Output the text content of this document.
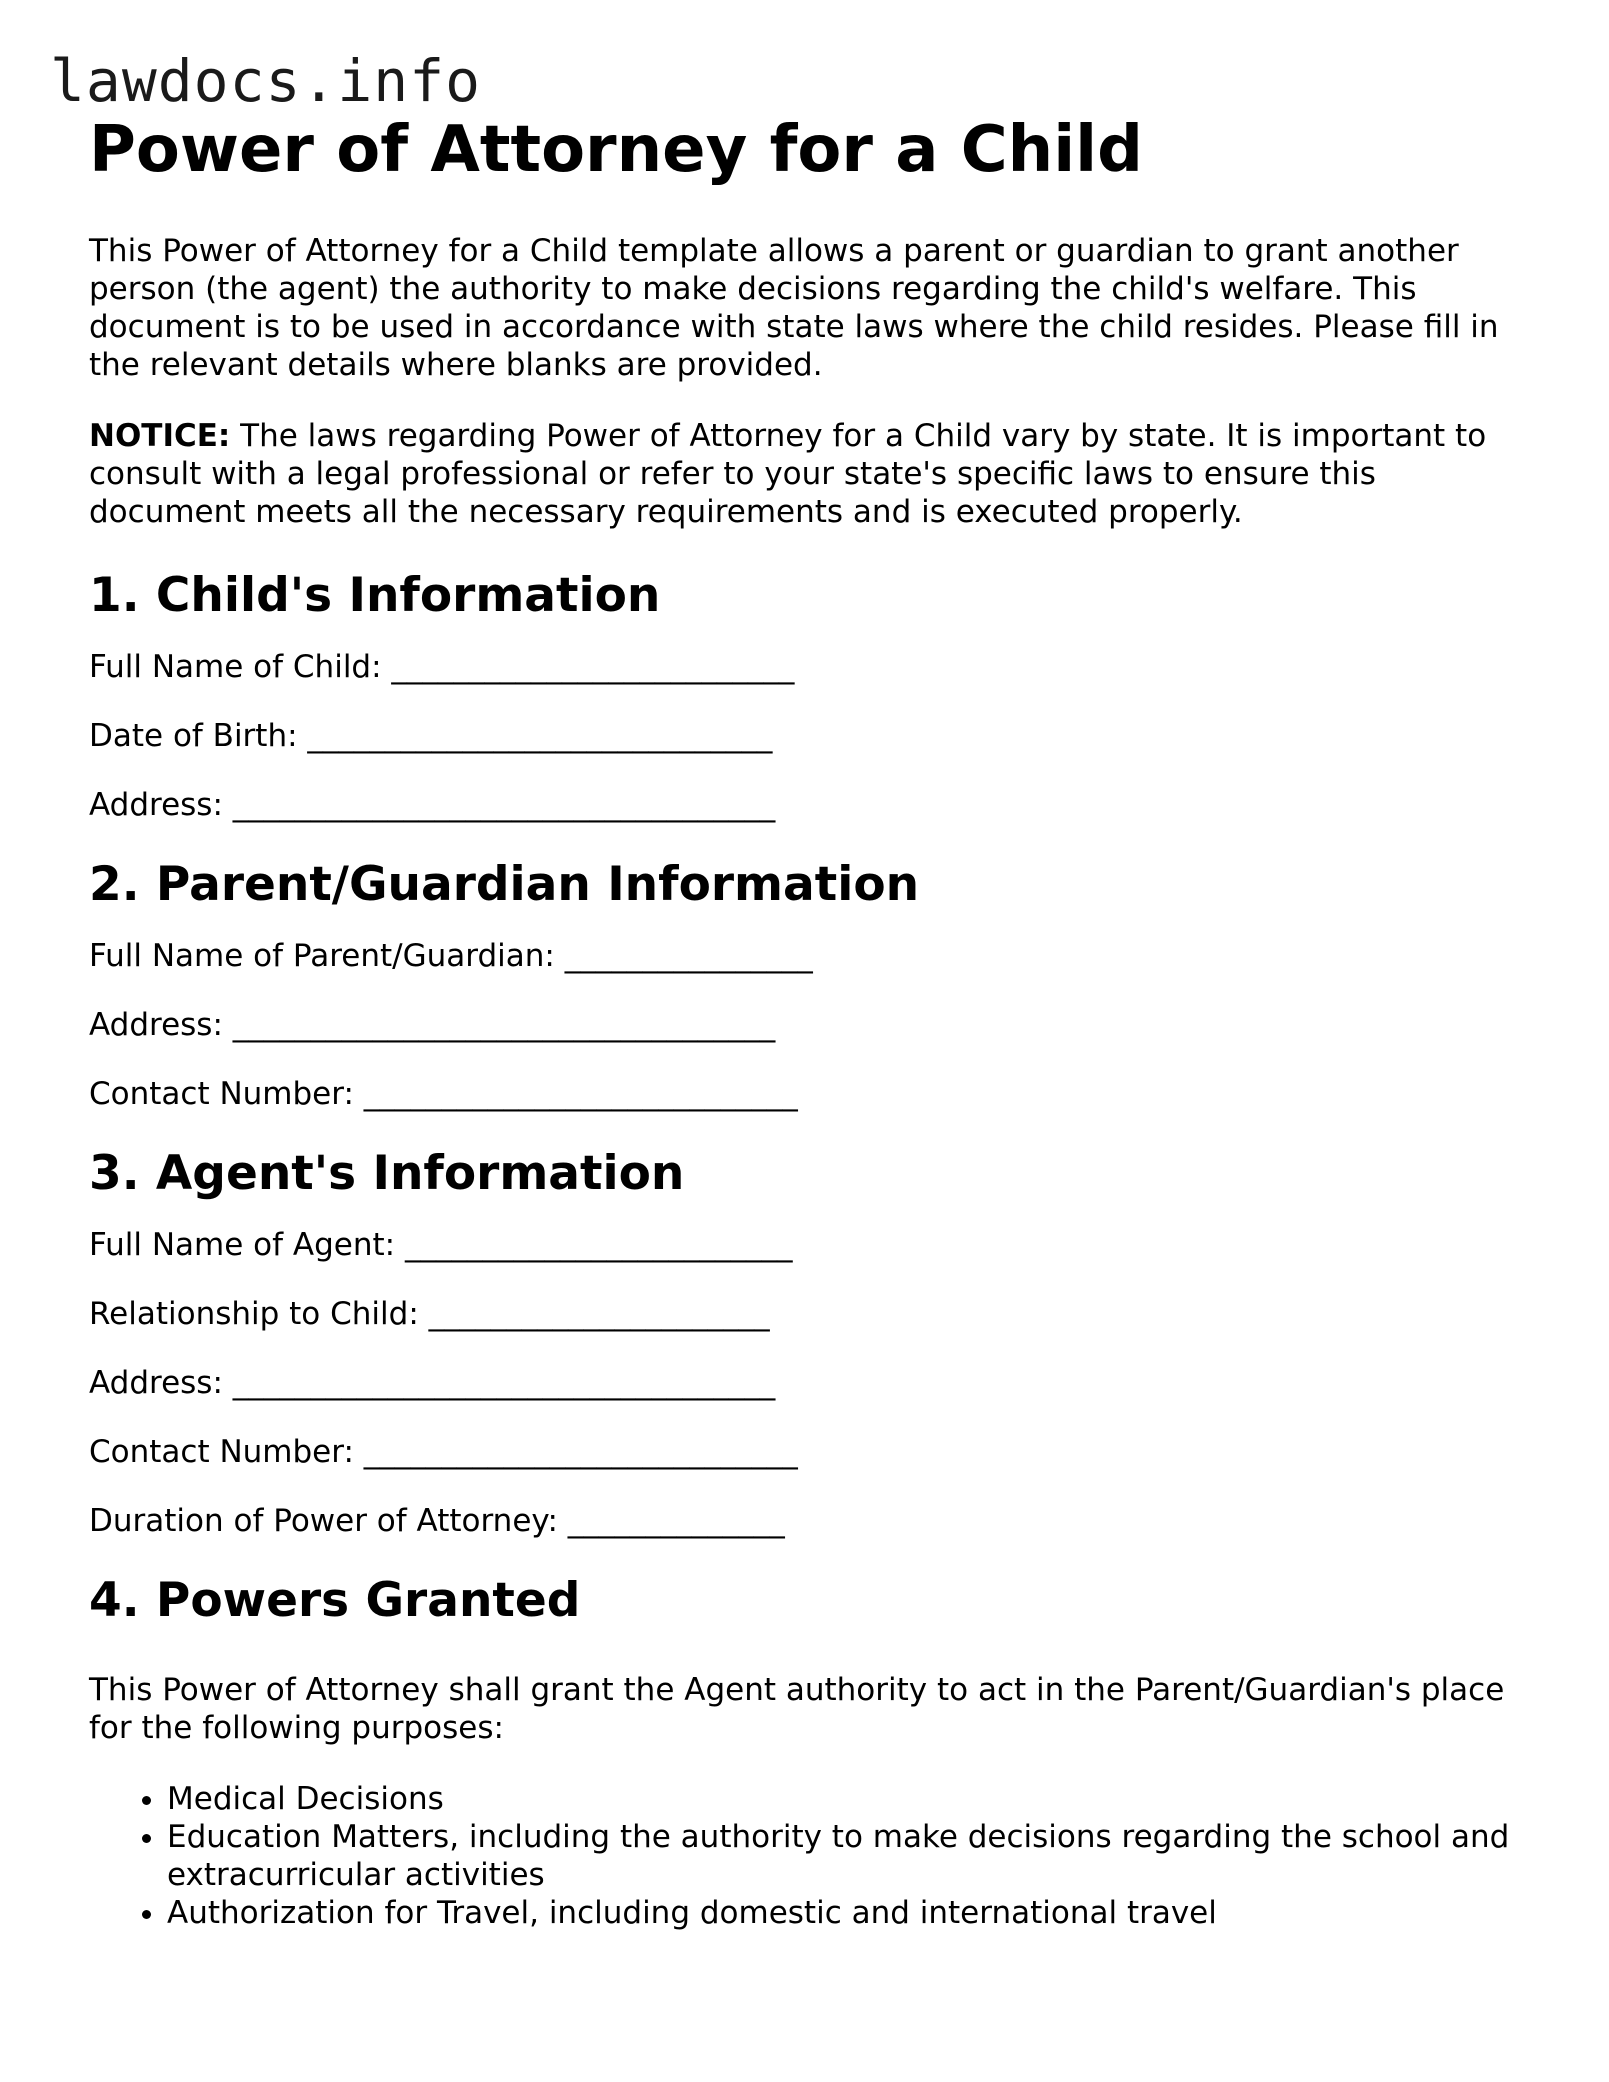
lawdocs.info
Power of Attorney for a Child

This Power of Attorney for a Child template allows a parent or guardian to grant another person (the agent) the authority to make decisions regarding the child's welfare. This document is to be used in accordance with state laws where the child resides. Please fill in the relevant details where blanks are provided.

NOTICE: The laws regarding Power of Attorney for a Child vary by state. It is important to consult with a legal professional or refer to your state's specific laws to ensure this document meets all the necessary requirements and is executed properly.

1. Child's Information
Full Name of Child: __________________________
Date of Birth: ______________________________
Address: ___________________________________
2. Parent/Guardian Information
Full Name of Parent/Guardian: ________________
Address: ___________________________________
Contact Number: ____________________________
3. Agent's Information
Full Name of Agent: _________________________
Relationship to Child: ______________________
Address: ___________________________________
Contact Number: ____________________________
Duration of Power of Attorney: ______________
4. Powers Granted

This Power of Attorney shall grant the Agent authority to act in the Parent/Guardian's place for the following purposes:

• Medical Decisions
• Education Matters, including the authority to make decisions regarding the school and extracurricular activities
• Authorization for Travel, including domestic and international travel
